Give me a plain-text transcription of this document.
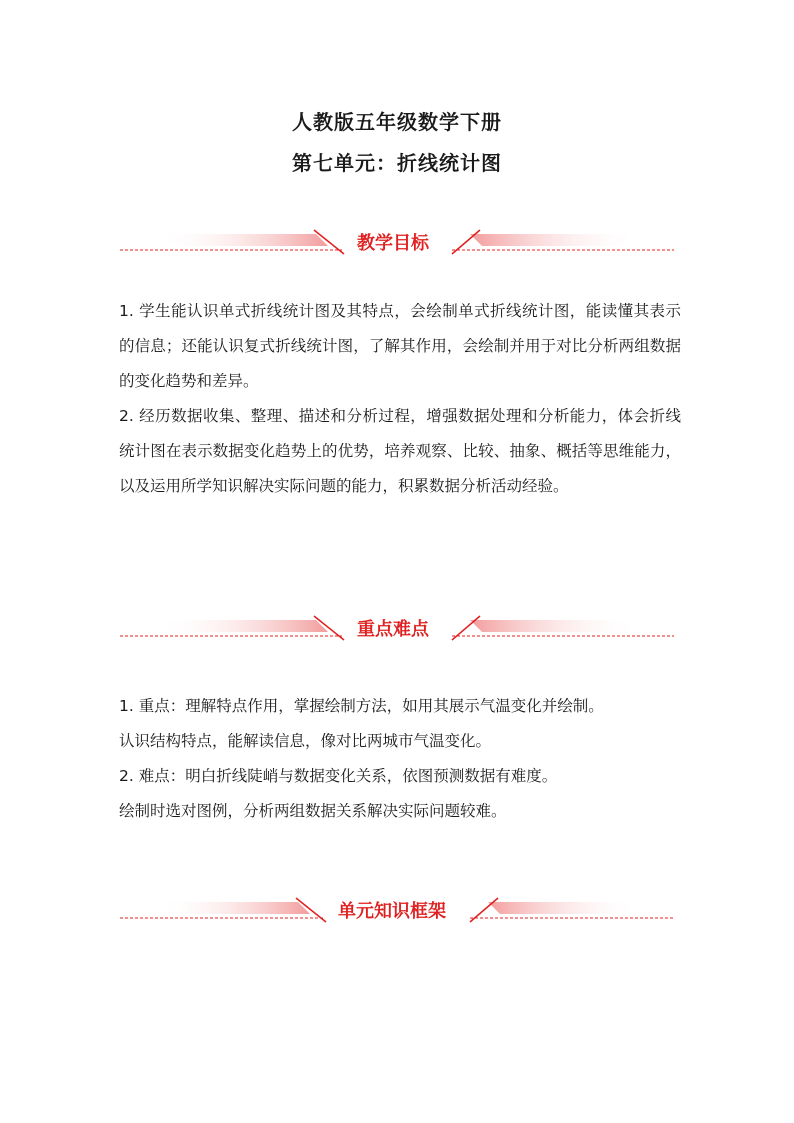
人教版五年级数学下册
第七单元：折线统计图
教学目标

1. 学生能认识单式折线统计图及其特点，会绘制单式折线统计图，能读懂其表示的信息；还能认识复式折线统计图，了解其作用，会绘制并用于对比分析两组数据的变化趋势和差异。

2. 经历数据收集、整理、描述和分析过程，增强数据处理和分析能力，体会折线统计图在表示数据变化趋势上的优势，培养观察、比较、抽象、概括等思维能力，以及运用所学知识解决实际问题的能力，积累数据分析活动经验。

重点难点

1. 重点：理解特点作用，掌握绘制方法，如用其展示气温变化并绘制。

认识结构特点，能解读信息，像对比两城市气温变化。

2. 难点：明白折线陡峭与数据变化关系，依图预测数据有难度。

绘制时选对图例，分析两组数据关系解决实际问题较难。

单元知识框架
